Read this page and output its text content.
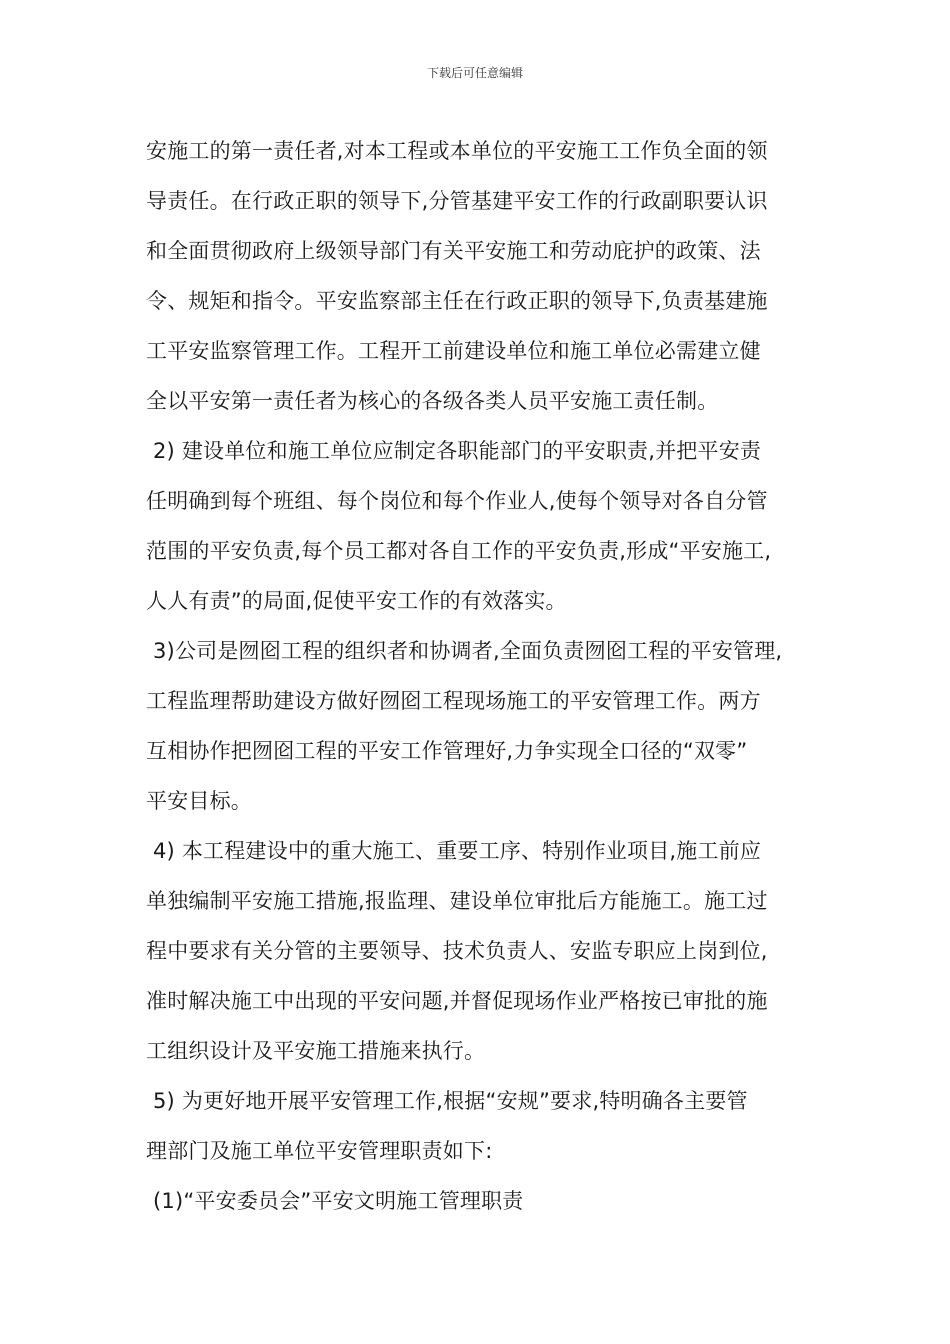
下载后可任意编辑
安施工的第一责任者,对本工程或本单位的平安施工工作负全面的领
导责任。在行政正职的领导下,分管基建平安工作的行政副职要认识
和全面贯彻政府上级领导部门有关平安施工和劳动庇护的政策、法
令、规矩和指令。平安监察部主任在行政正职的领导下,负责基建施
工平安监察管理工作。工程开工前建设单位和施工单位必需建立健
全以平安第一责任者为核心的各级各类人员平安施工责任制。
2) 建设单位和施工单位应制定各职能部门的平安职责,并把平安责
任明确到每个班组、每个岗位和每个作业人,使每个领导对各自分管
范围的平安负责,每个员工都对各自工作的平安负责,形成“平安施工,
人人有责”的局面,促使平安工作的有效落实。
3)公司是囫囵工程的组织者和协调者,全面负责囫囵工程的平安管理,
工程监理帮助建设方做好囫囵工程现场施工的平安管理工作。两方
互相协作把囫囵工程的平安工作管理好,力争实现全口径的“双零”
平安目标。
4) 本工程建设中的重大施工、重要工序、特别作业项目,施工前应
单独编制平安施工措施,报监理、建设单位审批后方能施工。施工过
程中要求有关分管的主要领导、技术负责人、安监专职应上岗到位,
准时解决施工中出现的平安问题,并督促现场作业严格按已审批的施
工组织设计及平安施工措施来执行。
5) 为更好地开展平安管理工作,根据“安规”要求,特明确各主要管
理部门及施工单位平安管理职责如下:
(1)“平安委员会”平安文明施工管理职责
